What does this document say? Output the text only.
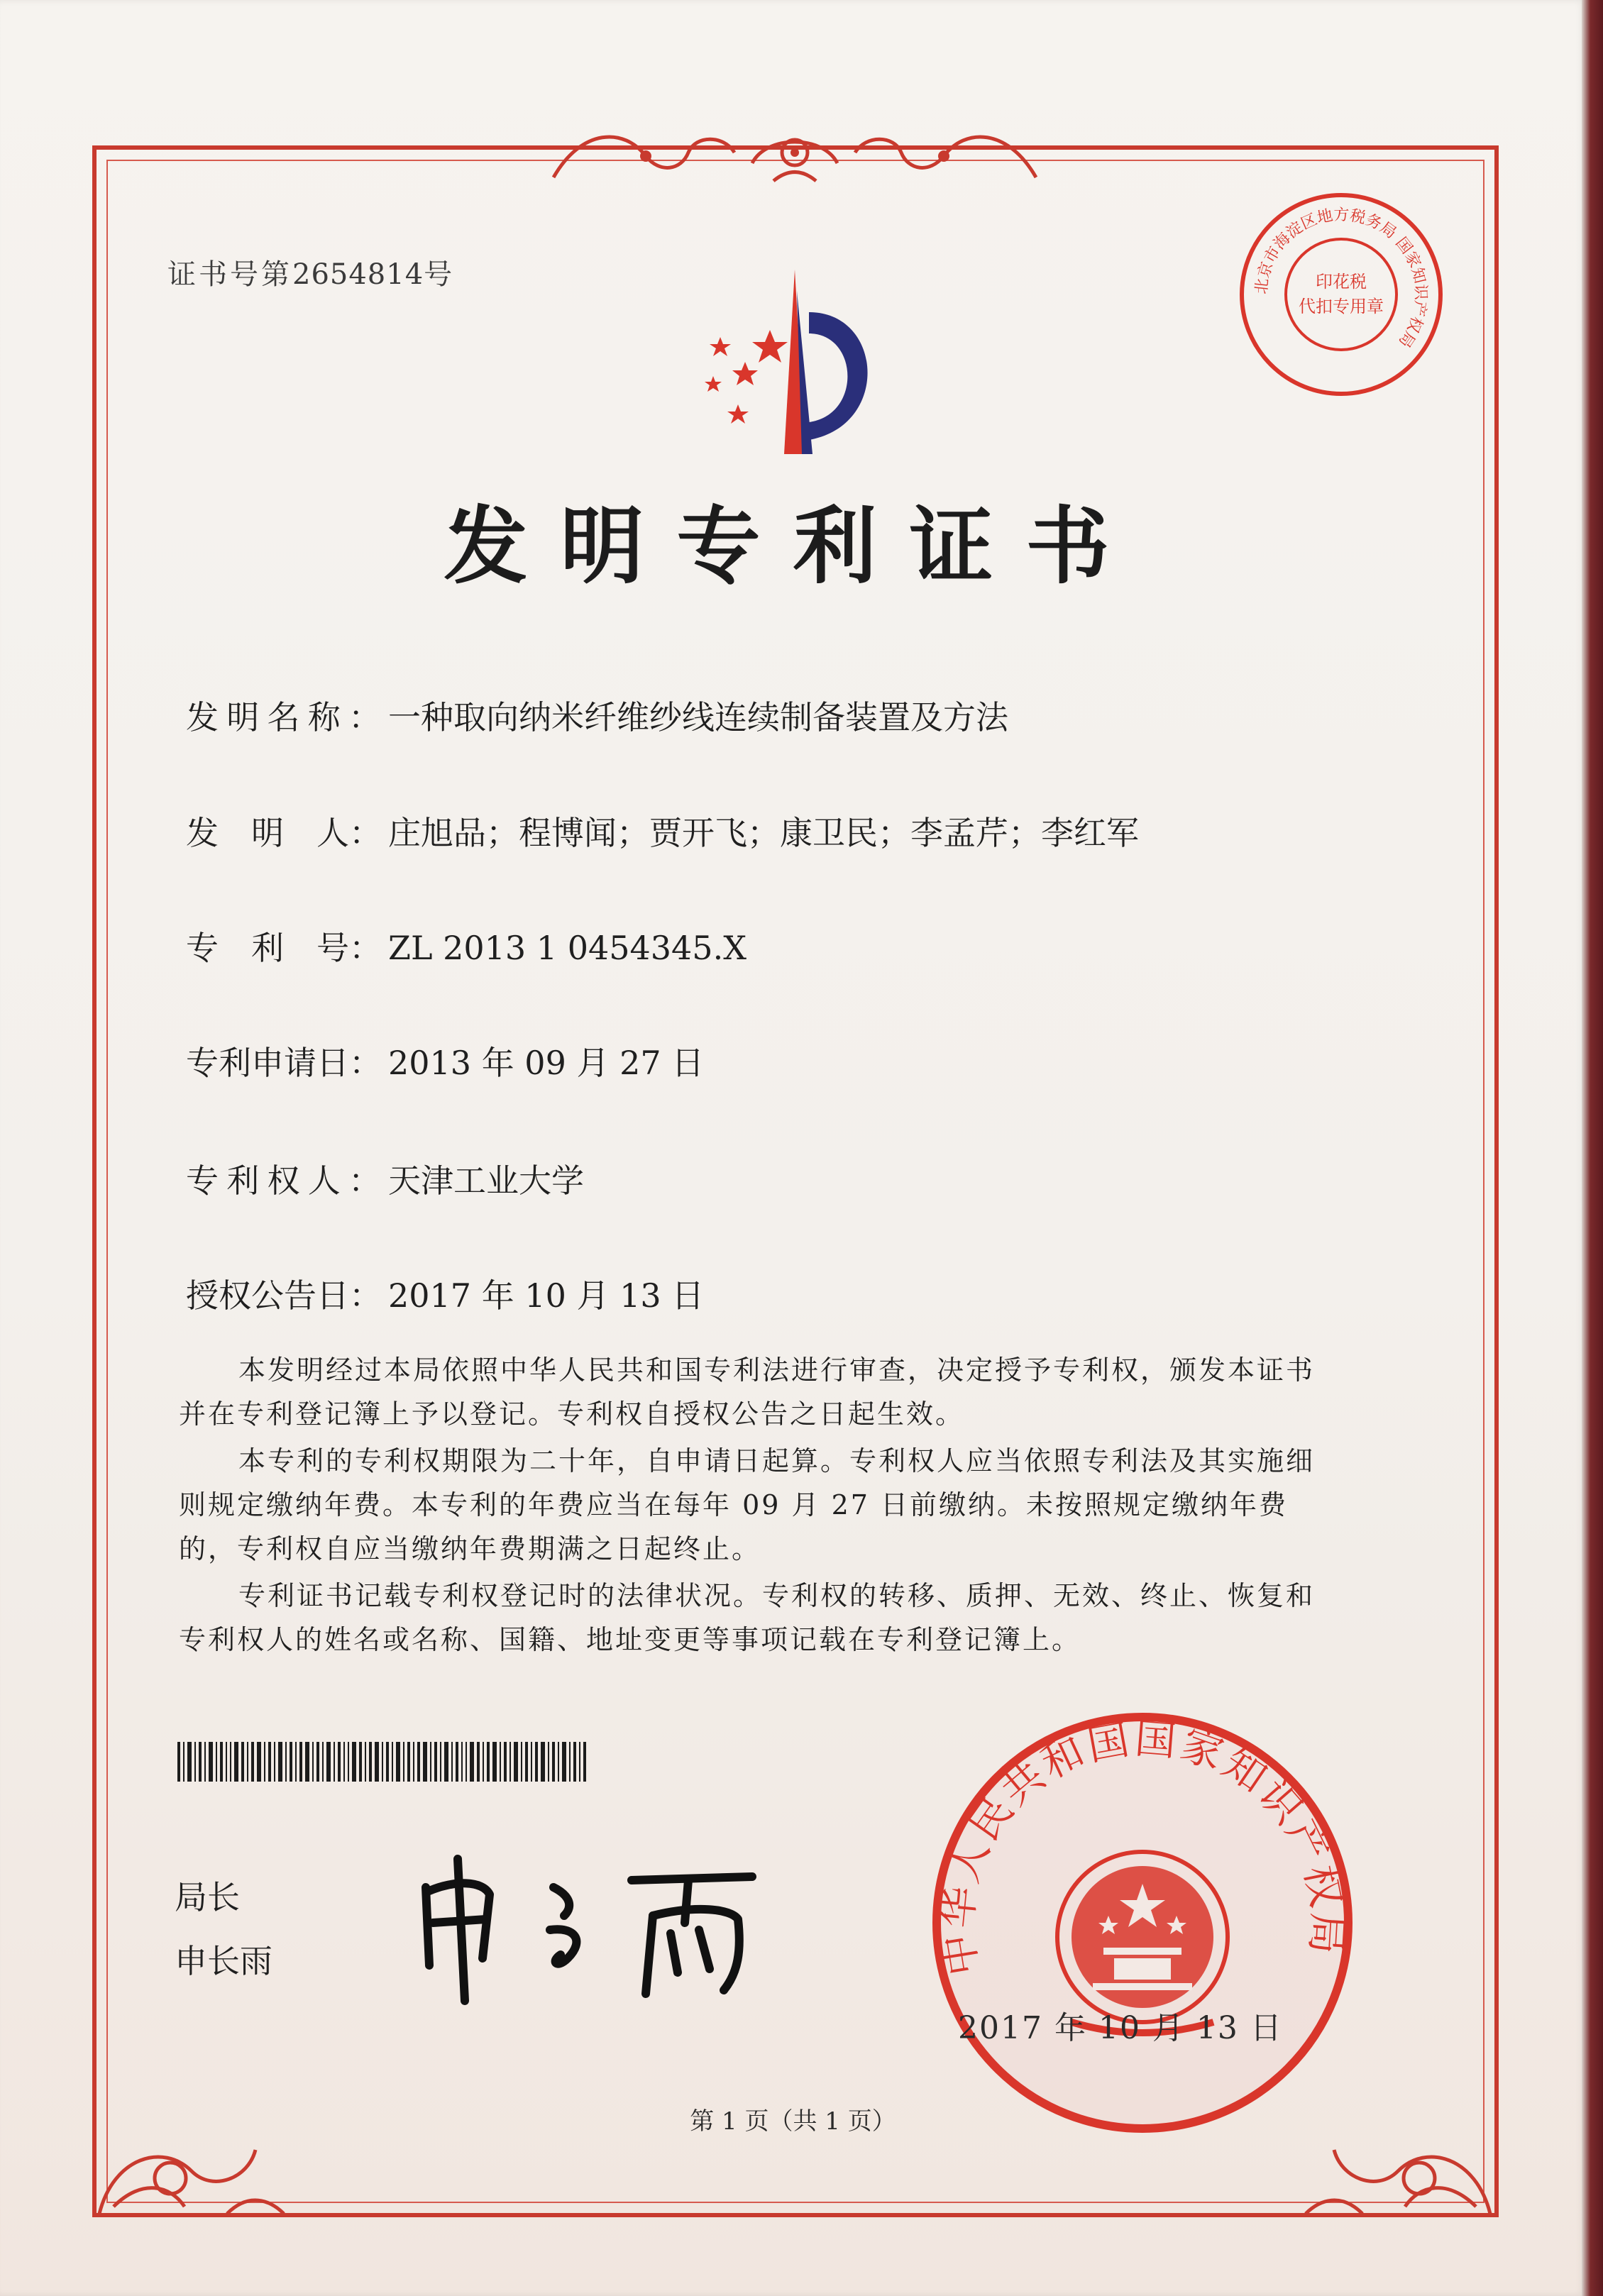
证书号第2654814号	印花税
代扣专用章
北京市海淀区地方税务局 国家知识产权局
发明专利证书
发明名称： 一种取向纳米纤维纱线连续制备装置及方法
发　明　人： 庄旭品；程博闻；贾开飞；康卫民；李孟芹；李红军
专　利　号： ZL 2013 1 0454345.X
专利申请日： 2013 年 09 月 27 日
专利权人： 天津工业大学
授权公告日： 2017 年 10 月 13 日
本发明经过本局依照中华人民共和国专利法进行审查，决定授予专利权，颁发本证书并在专利登记簿上予以登记。专利权自授权公告之日起生效。
本专利的专利权期限为二十年，自申请日起算。专利权人应当依照专利法及其实施细则规定缴纳年费。本专利的年费应当在每年 09 月 27 日前缴纳。未按照规定缴纳年费的，专利权自应当缴纳年费期满之日起终止。
专利证书记载专利权登记时的法律状况。专利权的转移、质押、无效、终止、恢复和专利权人的姓名或名称、国籍、地址变更等事项记载在专利登记簿上。
局长
申长雨	中华人民共和国国家知识产权局
2017 年 10 月 13 日
第 1 页（共 1 页）
